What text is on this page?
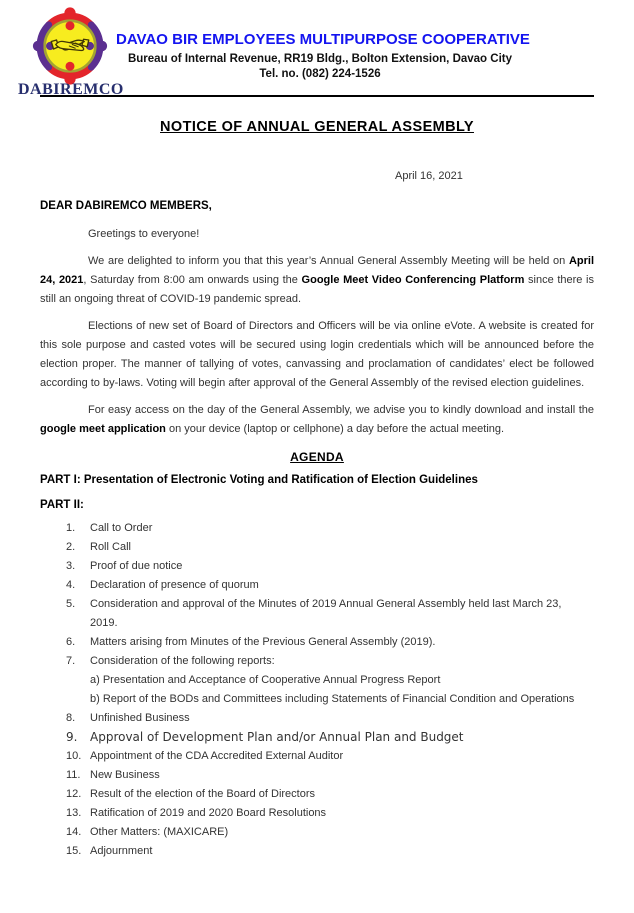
DABIREMCO
DAVAO BIR EMPLOYEES MULTIPURPOSE COOPERATIVE
Bureau of Internal Revenue, RR19 Bldg., Bolton Extension, Davao City
Tel. no. (082) 224-1526
NOTICE OF ANNUAL GENERAL ASSEMBLY
April 16, 2021
DEAR DABIREMCO MEMBERS,

Greetings to everyone!

We are delighted to inform you that this year’s Annual General Assembly Meeting will be held on April 24, 2021, Saturday from 8:00 am onwards using the Google Meet Video Conferencing Platform since there is still an ongoing threat of COVID-19 pandemic spread.

Elections of new set of Board of Directors and Officers will be via online eVote. A website is created for this sole purpose and casted votes will be secured using login credentials which will be announced before the election proper. The manner of tallying of votes, canvassing and proclamation of candidates’ elect be followed according to by-laws. Voting will begin after approval of the General Assembly of the revised election guidelines.

For easy access on the day of the General Assembly, we advise you to kindly download and install the google meet application on your device (laptop or cellphone) a day before the actual meeting.

AGENDA
PART I: Presentation of Electronic Voting and Ratification of Election Guidelines
PART II:
1.	Call to Order
2.	Roll Call
3.	Proof of due notice
4.	Declaration of presence of quorum
5.	Consideration and approval of the Minutes of 2019 Annual General Assembly held last March 23, 2019.
6.	Matters arising from Minutes of the Previous General Assembly (2019).
7.	Consideration of the following reports:
a) Presentation and Acceptance of Cooperative Annual Progress Report
b) Report of the BODs and Committees including Statements of Financial Condition and Operations
8.	Unfinished Business
9.	Approval of Development Plan and/or Annual Plan and Budget
10. Appointment of the CDA Accredited External Auditor
11. New Business
12. Result of the election of the Board of Directors
13. Ratification of 2019 and 2020 Board Resolutions
14. Other Matters: (MAXICARE)
15. Adjournment
